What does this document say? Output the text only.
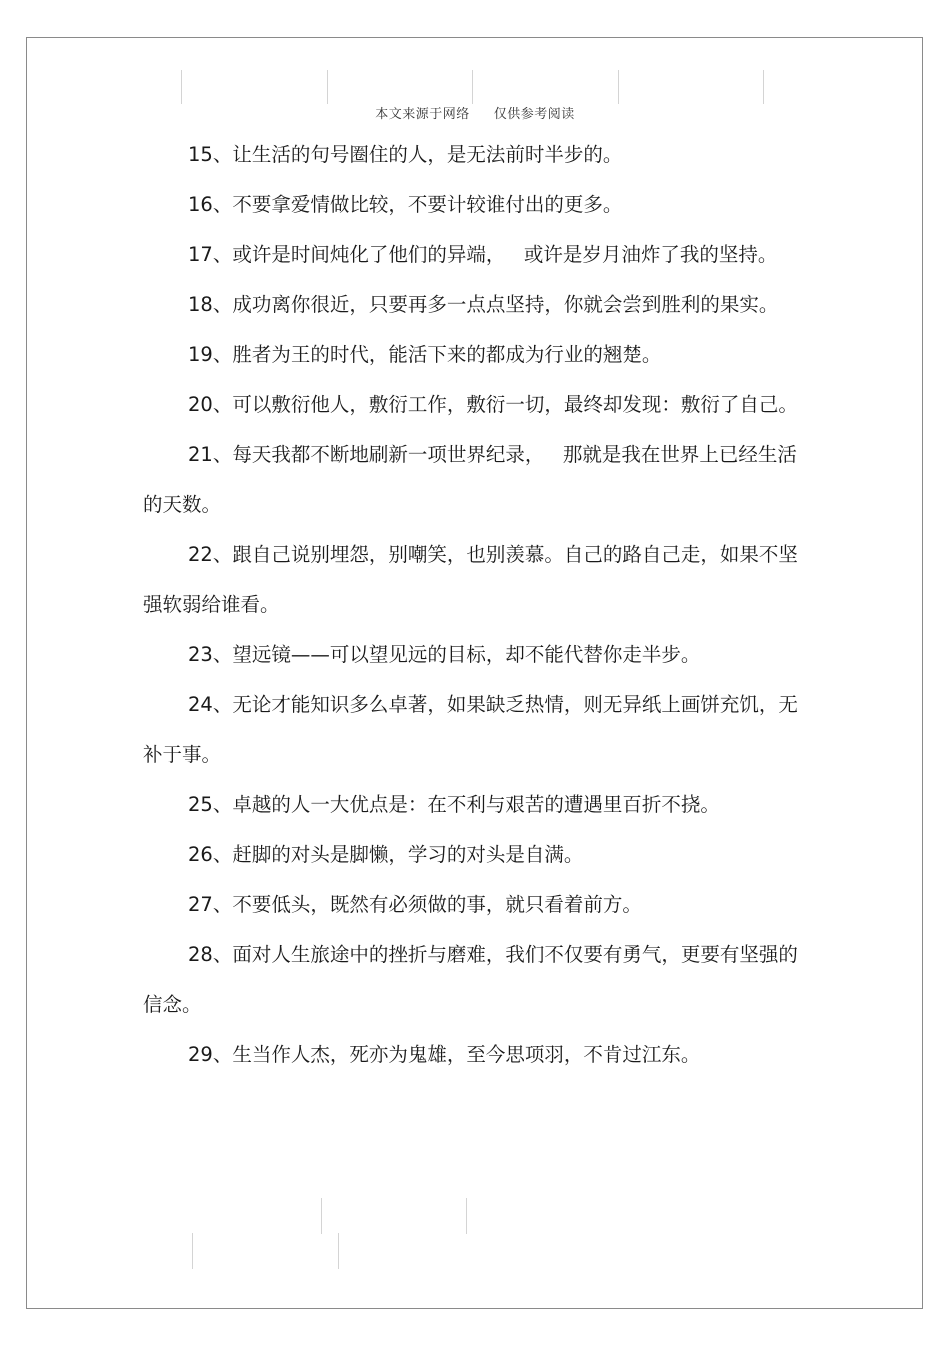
本文来源于网络 仅供参考阅读

15、让生活的句号圈住的人，是无法前时半步的。

16、不要拿爱情做比较，不要计较谁付出的更多。

17、或许是时间炖化了他们的异端，   或许是岁月油炸了我的坚持。

18、成功离你很近，只要再多一点点坚持，你就会尝到胜利的果实。

19、胜者为王的时代，能活下来的都成为行业的翘楚。

20、可以敷衍他人，敷衍工作，敷衍一切，最终却发现：敷衍了自己。

21、每天我都不断地刷新一项世界纪录，   那就是我在世界上已经生活的天数。

22、跟自己说别埋怨，别嘲笑，也别羡慕。自己的路自己走，如果不坚强软弱给谁看。

23、望远镜——可以望见远的目标，却不能代替你走半步。

24、无论才能知识多么卓著，如果缺乏热情，则无异纸上画饼充饥，无补于事。

25、卓越的人一大优点是：在不利与艰苦的遭遇里百折不挠。

26、赶脚的对头是脚懒，学习的对头是自满。

27、不要低头，既然有必须做的事，就只看着前方。

28、面对人生旅途中的挫折与磨难，我们不仅要有勇气，更要有坚强的信念。

29、生当作人杰，死亦为鬼雄，至今思项羽，不肯过江东。
